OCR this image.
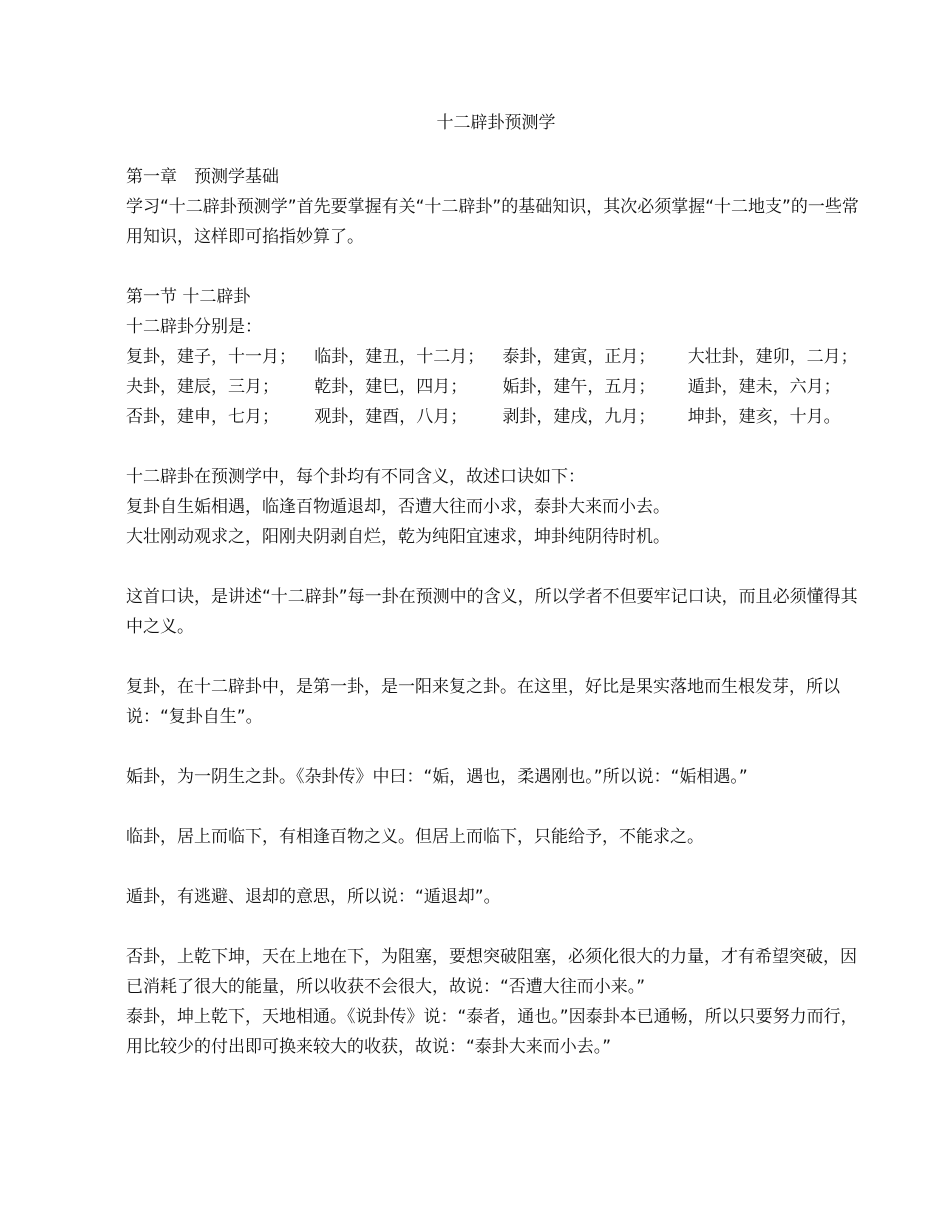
十二辟卦预测学

第一章　预测学基础

学习“十二辟卦预测学”首先要掌握有关“十二辟卦”的基础知识，其次必须掌握“十二地支”的一些常用知识，这样即可掐指妙算了。

第一节 十二辟卦

十二辟卦分别是：

复卦，建子，十一月；	临卦，建丑，十二月；	泰卦，建寅，正月；	大壮卦，建卯，二月；
夬卦，建辰，三月；	乾卦，建巳，四月；	姤卦，建午，五月；	遁卦，建未，六月；
否卦，建申，七月；	观卦，建酉，八月；	剥卦，建戌，九月；	坤卦，建亥，十月。

十二辟卦在预测学中，每个卦均有不同含义，故述口诀如下：

复卦自生姤相遇，临逢百物遁退却，否遭大往而小求，泰卦大来而小去。

大壮刚动观求之，阳刚夬阴剥自烂，乾为纯阳宜速求，坤卦纯阴待时机。

这首口诀，是讲述“十二辟卦”每一卦在预测中的含义，所以学者不但要牢记口诀，而且必须懂得其中之义。

复卦，在十二辟卦中，是第一卦，是一阳来复之卦。在这里，好比是果实落地而生根发芽，所以说：“复卦自生”。

姤卦，为一阴生之卦。《杂卦传》中曰：“姤，遇也，柔遇刚也。”所以说：“姤相遇。”

临卦，居上而临下，有相逢百物之义。但居上而临下，只能给予，不能求之。

遁卦，有逃避、退却的意思，所以说：“遁退却”。

否卦，上乾下坤，天在上地在下，为阻塞，要想突破阻塞，必须化很大的力量，才有希望突破，因已消耗了很大的能量，所以收获不会很大，故说：“否遭大往而小来。”

泰卦，坤上乾下，天地相通。《说卦传》说：“泰者，通也。”因泰卦本已通畅，所以只要努力而行，用比较少的付出即可换来较大的收获，故说：“泰卦大来而小去。”
